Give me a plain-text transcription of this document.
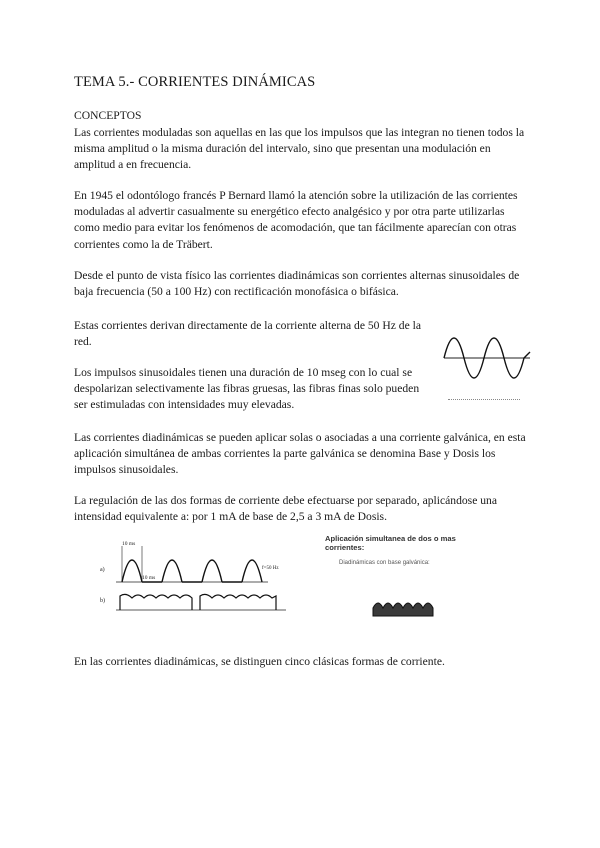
TEMA 5.- CORRIENTES DINÁMICAS
CONCEPTOS

Las corrientes moduladas son aquellas en las que los impulsos que las integran no tienen todos la misma amplitud o la misma duración del intervalo, sino que presentan una modulación en amplitud a en frecuencia.

En 1945 el odontólogo francés P Bernard llamó la atención sobre la utilización de las corrientes moduladas al advertir casualmente su energético efecto analgésico y por otra parte utilizarlas como medio para evitar los fenómenos de acomodación, que tan fácilmente aparecían con otras corrientes como la de Träbert.

Desde el punto de vista físico las corrientes diadinámicas son corrientes alternas sinusoidales de baja frecuencia (50 a 100 Hz) con rectificación monofásica o bifásica.

Estas corrientes derivan directamente de la corriente alterna de 50 Hz de la red.

Los impulsos sinusoidales tienen una duración de 10 mseg con lo cual se despolarizan selectivamente las fibras gruesas, las fibras finas solo pueden ser estimuladas con intensidades muy elevadas.

Las corrientes diadinámicas se pueden aplicar solas o asociadas a una corriente galvánica, en esta aplicación simultánea de ambas corrientes la parte galvánica se denomina Base y Dosis los impulsos sinusoidales.

La regulación de las dos formas de corriente debe efectuarse por separado, aplicándose una intensidad equivalente a: por 1 mA de base de 2,5 a 3 mA de Dosis.

En las corrientes diadinámicas, se distinguen cinco clásicas formas de corriente.

a)
b)
10 ms
10 ms
f=50 Hz
Aplicación simultanea de dos o mas corrientes:
Diadinámicas con base galvánica:
